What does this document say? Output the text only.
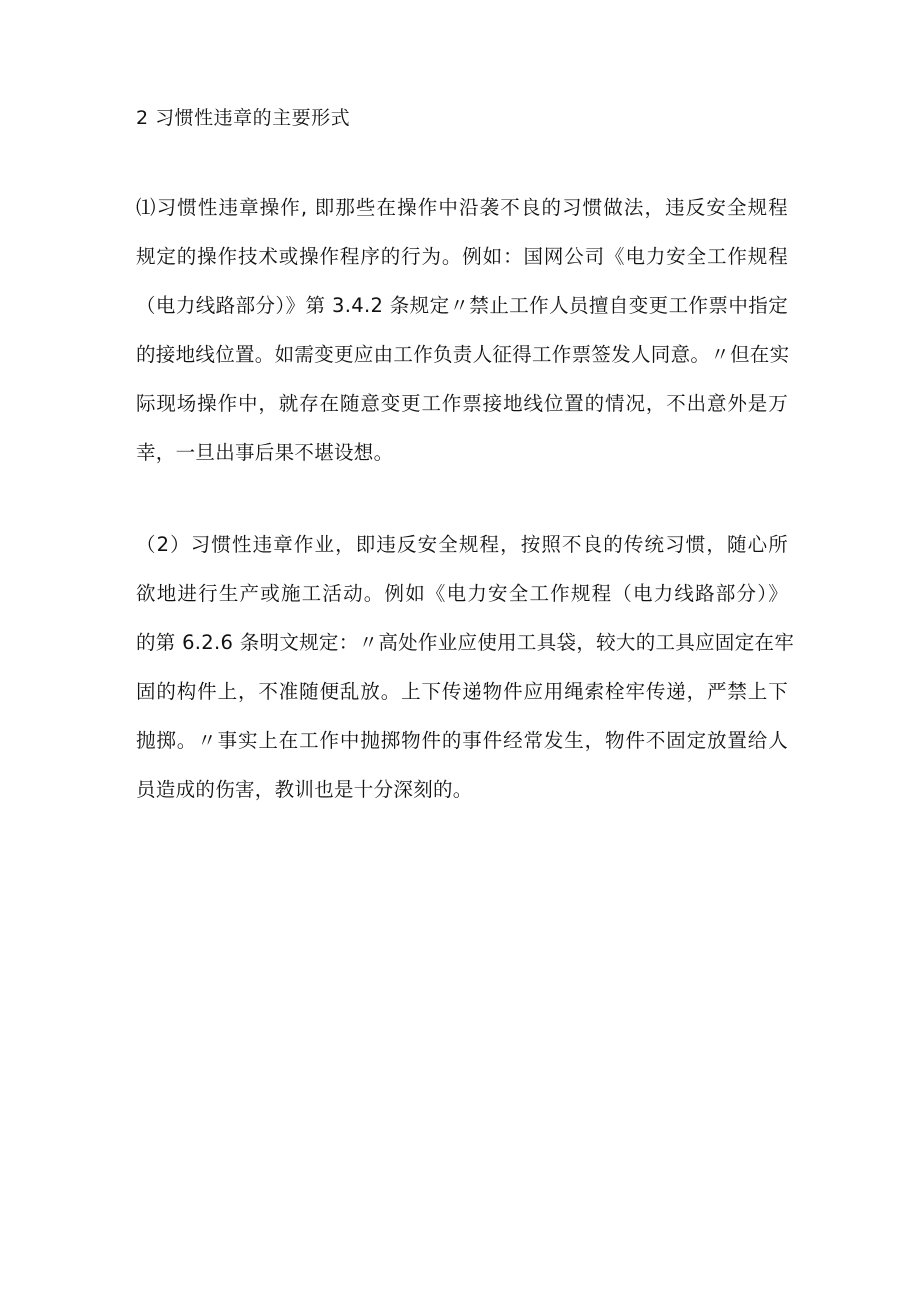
2 习惯性违章的主要形式
⑴习惯性违章操作, 即那些在操作中沿袭不良的习惯做法，违反安全规程
规定的操作技术或操作程序的行为。例如：国网公司《电力安全工作规程
（电力线路部分）》第 3.4.2 条规定〃禁止工作人员擅自变更工作票中指定
的接地线位置。如需变更应由工作负责人征得工作票签发人同意。〃但在实
际现场操作中，就存在随意变更工作票接地线位置的情况，不出意外是万
幸，一旦出事后果不堪设想。
（2）习惯性违章作业，即违反安全规程，按照不良的传统习惯，随心所
欲地进行生产或施工活动。例如《电力安全工作规程（电力线路部分）》
的第 6.2.6 条明文规定：〃高处作业应使用工具袋，较大的工具应固定在牢
固的构件上，不准随便乱放。上下传递物件应用绳索栓牢传递，严禁上下
抛掷。〃事实上在工作中抛掷物件的事件经常发生，物件不固定放置给人
员造成的伤害，教训也是十分深刻的。
